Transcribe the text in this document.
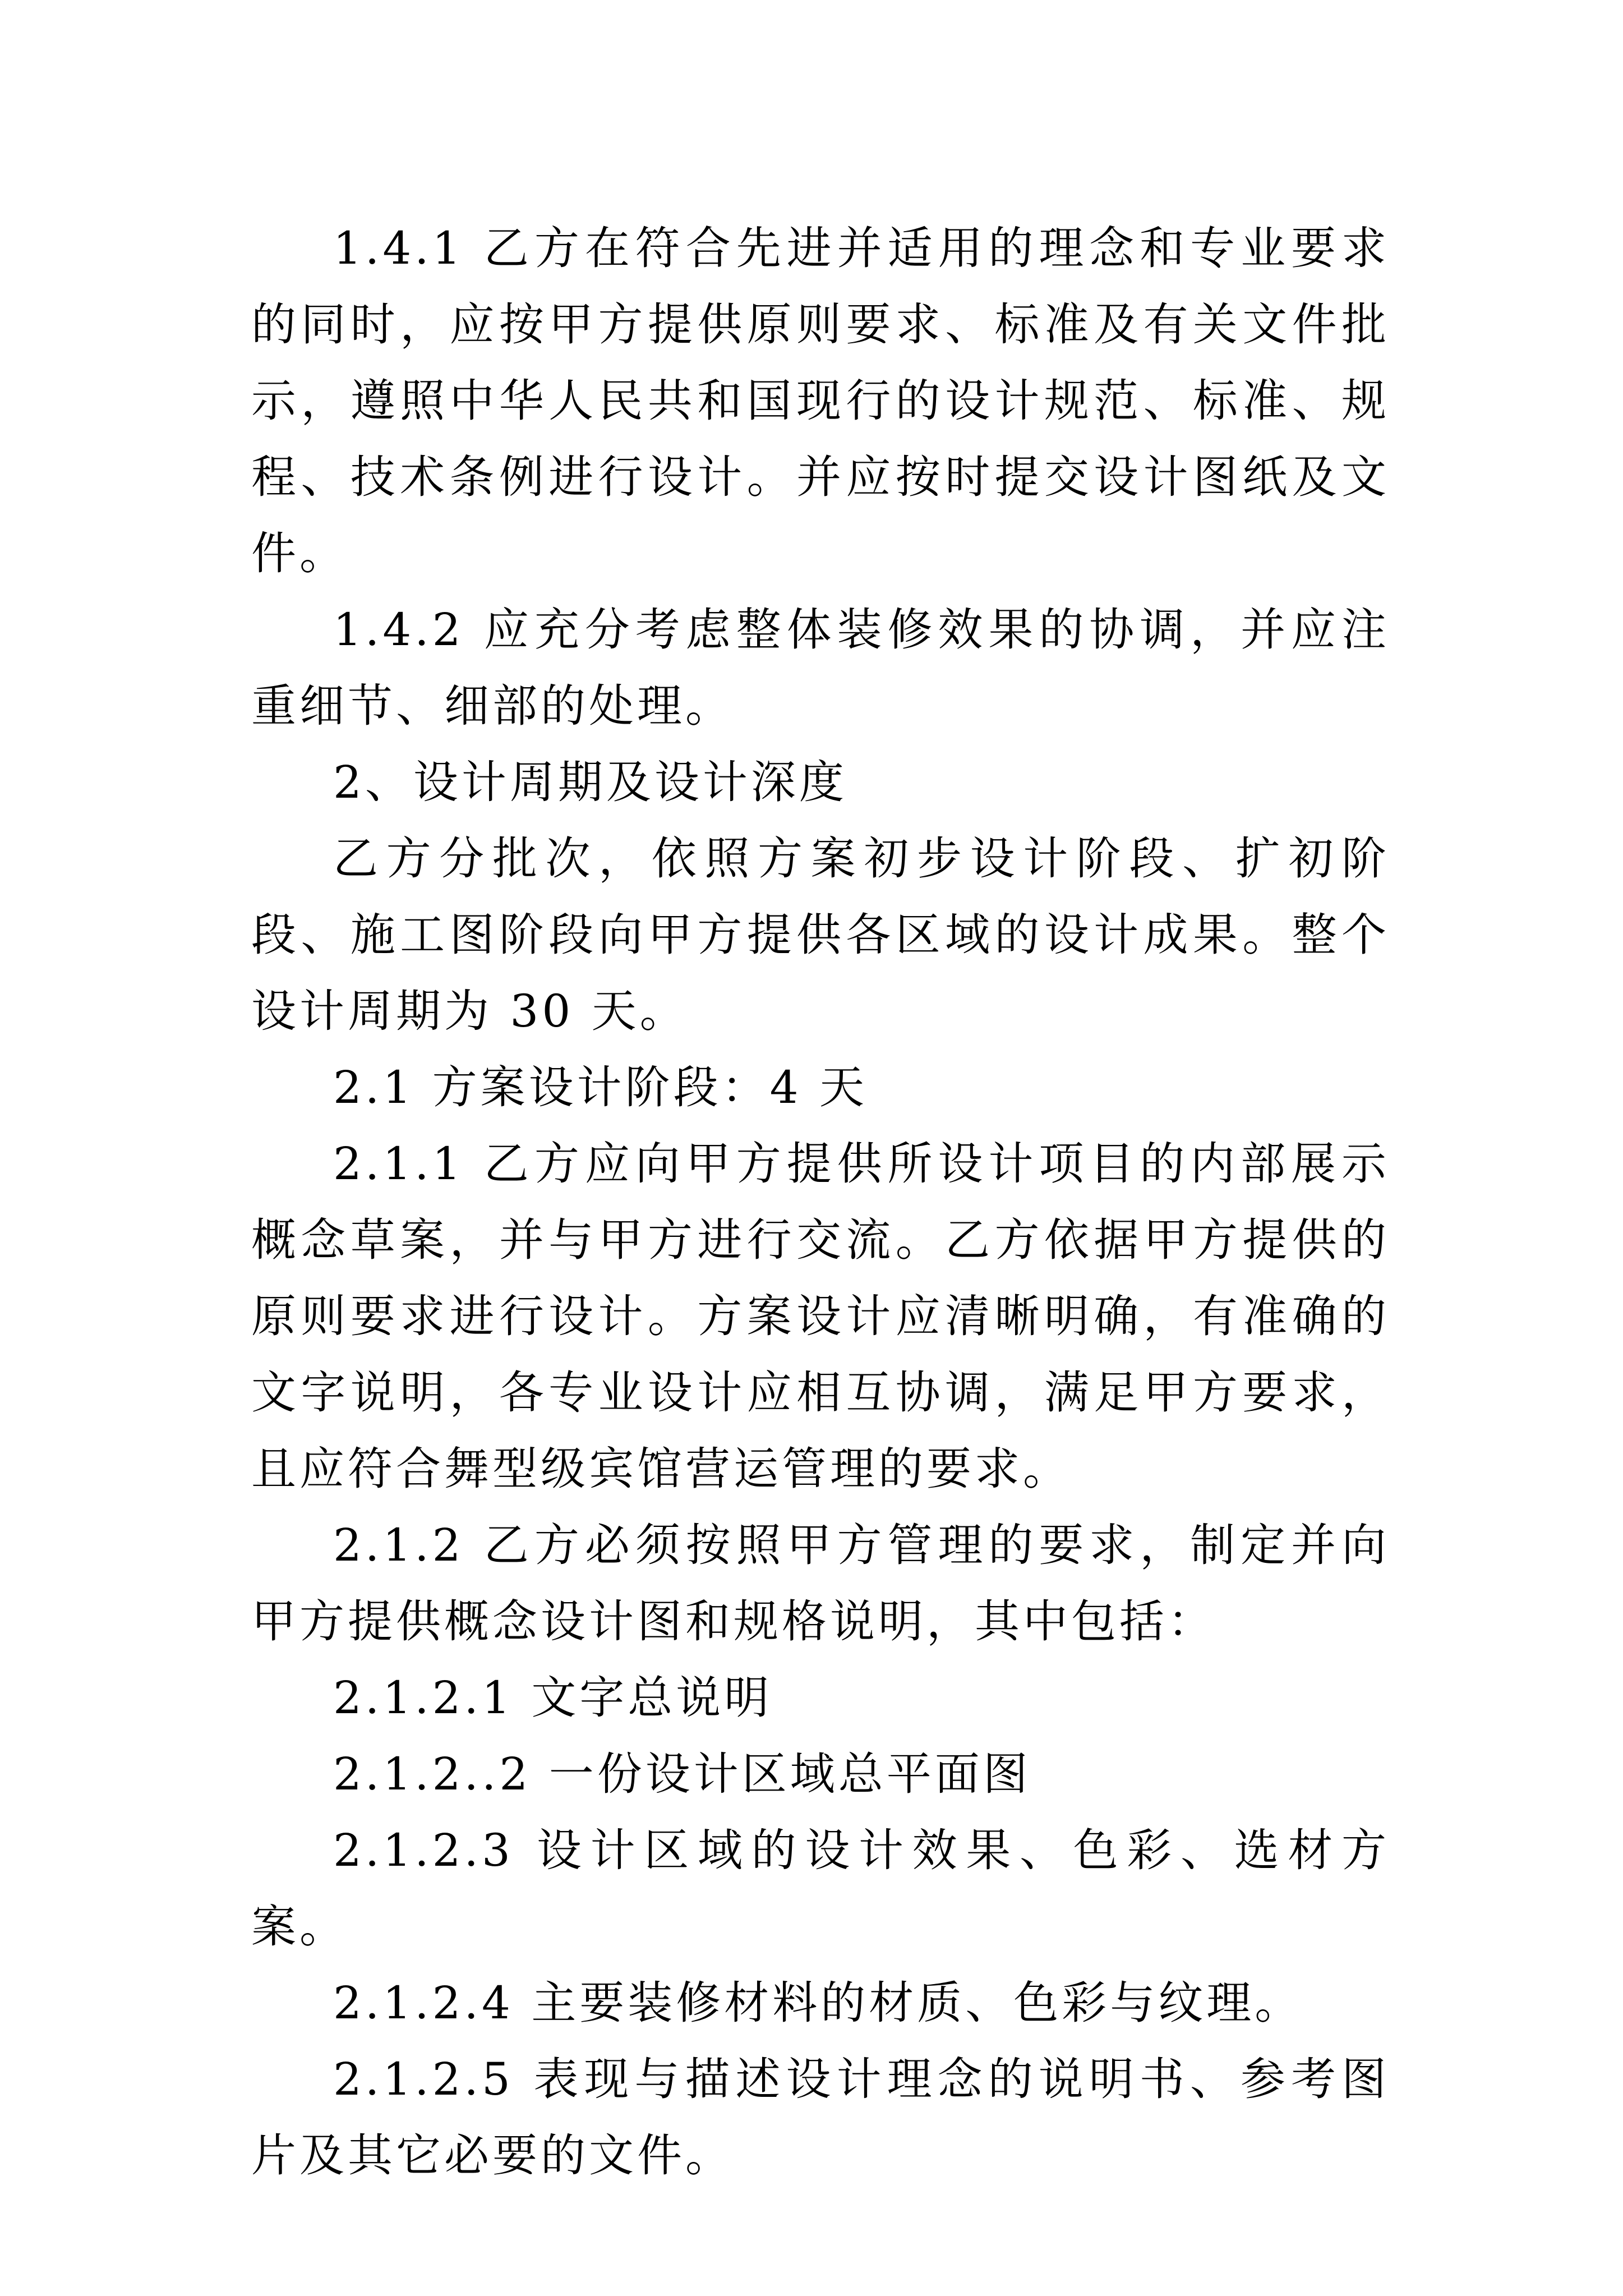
1.4.1 乙方在符合先进并适用的理念和专业要求的同时，应按甲方提供原则要求、标准及有关文件批示，遵照中华人民共和国现行的设计规范、标准、规程、技术条例进行设计。并应按时提交设计图纸及文件。

1.4.2 应充分考虑整体装修效果的协调，并应注重细节、细部的处理。

2、设计周期及设计深度

乙方分批次，依照方案初步设计阶段、扩初阶段、施工图阶段向甲方提供各区域的设计成果。整个设计周期为 30 天。

2.1 方案设计阶段：4 天

2.1.1 乙方应向甲方提供所设计项目的内部展示概念草案，并与甲方进行交流。乙方依据甲方提供的原则要求进行设计。方案设计应清晰明确，有准确的文字说明，各专业设计应相互协调，满足甲方要求，且应符合舞型级宾馆营运管理的要求。

2.1.2 乙方必须按照甲方管理的要求，制定并向甲方提供概念设计图和规格说明，其中包括：

2.1.2.1 文字总说明

2.1.2..2 一份设计区域总平面图

2.1.2.3 设计区域的设计效果、色彩、选材方案。

2.1.2.4 主要装修材料的材质、色彩与纹理。

2.1.2.5 表现与描述设计理念的说明书、参考图片及其它必要的文件。
